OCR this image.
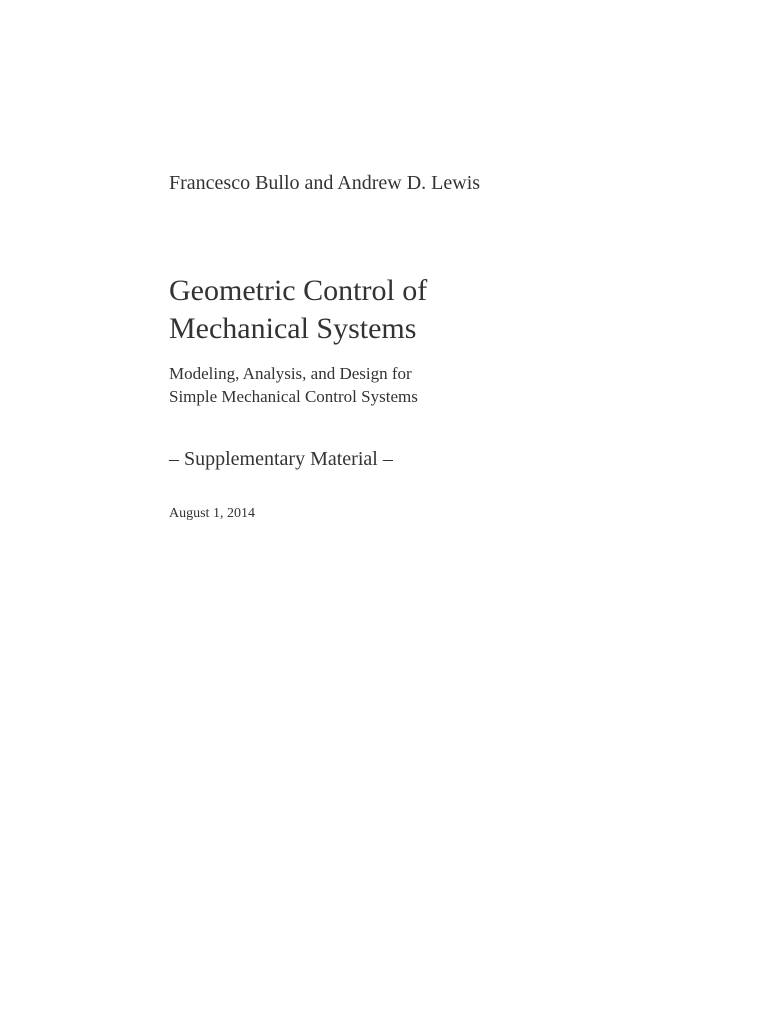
Francesco Bullo and Andrew D. Lewis
Geometric Control of
Mechanical Systems
Modeling, Analysis, and Design for
Simple Mechanical Control Systems
– Supplementary Material –
August 1, 2014
